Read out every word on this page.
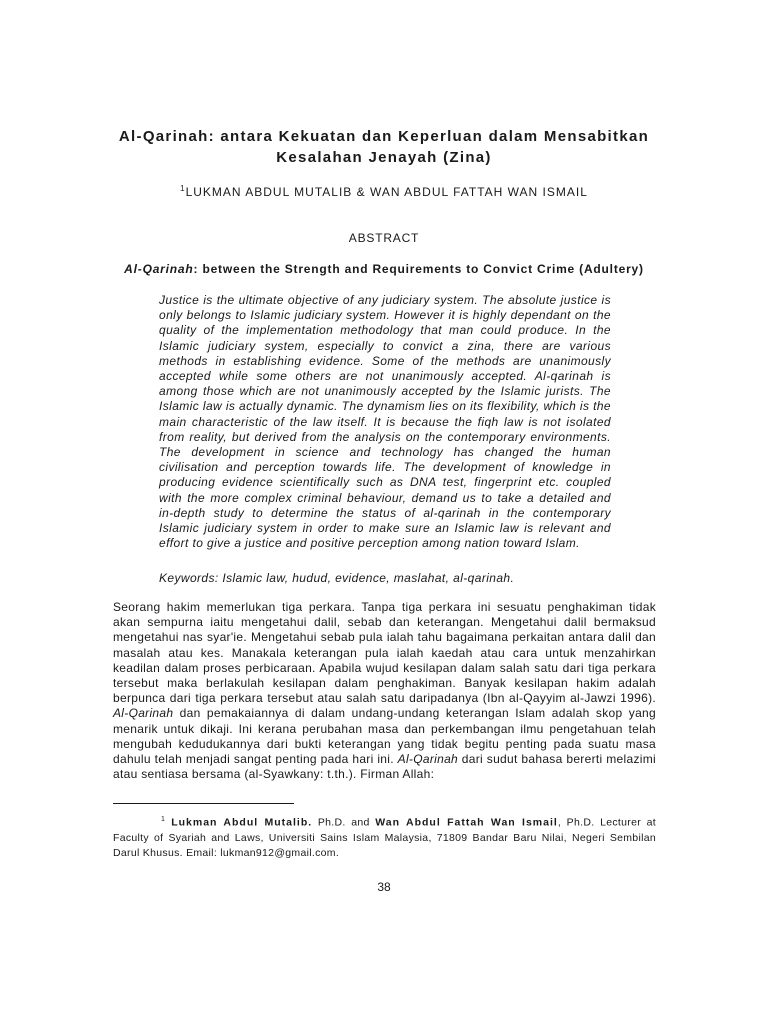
Al-Qarinah: antara Kekuatan dan Keperluan dalam Mensabitkan
Kesalahan Jenayah (Zina)
$^1$LUKMAN ABDUL MUTALIB & WAN ABDUL FATTAH WAN ISMAIL
ABSTRACT
Al-Qarinah: between the Strength and Requirements to Convict Crime (Adultery)
Justice is the ultimate objective of any judiciary system. The absolute justice is only belongs to Islamic judiciary system. However it is highly dependant on the quality of the implementation methodology that man could produce. In the Islamic judiciary system, especially to convict a zina, there are various methods in establishing evidence. Some of the methods are unanimously accepted while some others are not unanimously accepted. Al-qarinah is among those which are not unanimously accepted by the Islamic jurists. The Islamic law is actually dynamic. The dynamism lies on its flexibility, which is the main characteristic of the law itself. It is because the fiqh law is not isolated from reality, but derived from the analysis on the contemporary environments. The development in science and technology has changed the human civilisation and perception towards life. The development of knowledge in producing evidence scientifically such as DNA test, fingerprint etc. coupled with the more complex criminal behaviour, demand us to take a detailed and in-depth study to determine the status of al-qarinah in the contemporary Islamic judiciary system in order to make sure an Islamic law is relevant and effort to give a justice and positive perception among nation toward Islam.
Keywords: Islamic law, hudud, evidence, maslahat, al-qarinah.
Seorang hakim memerlukan tiga perkara. Tanpa tiga perkara ini sesuatu penghakiman tidak akan sempurna iaitu mengetahui dalil, sebab dan keterangan. Mengetahui dalil bermaksud mengetahui nas syar'ie. Mengetahui sebab pula ialah tahu bagaimana perkaitan antara dalil dan masalah atau kes. Manakala keterangan pula ialah kaedah atau cara untuk menzahirkan keadilan dalam proses perbicaraan. Apabila wujud kesilapan dalam salah satu dari tiga perkara tersebut maka berlakulah kesilapan dalam penghakiman. Banyak kesilapan hakim adalah berpunca dari tiga perkara tersebut atau salah satu daripadanya (Ibn al-Qayyim al-Jawzi 1996). Al-Qarinah dan pemakaiannya di dalam undang-undang keterangan Islam adalah skop yang menarik untuk dikaji. Ini kerana perubahan masa dan perkembangan ilmu pengetahuan telah mengubah kedudukannya dari bukti keterangan yang tidak begitu penting pada suatu masa dahulu telah menjadi sangat penting pada hari ini. Al-Qarinah dari sudut bahasa bererti melazimi atau sentiasa bersama (al-Syawkany: t.th.). Firman Allah:
$^1$ Lukman Abdul Mutalib. Ph.D. and Wan Abdul Fattah Wan Ismail, Ph.D. Lecturer at Faculty of Syariah and Laws, Universiti Sains Islam Malaysia, 71809 Bandar Baru Nilai, Negeri Sembilan Darul Khusus. Email: lukman912@gmail.com.
38
